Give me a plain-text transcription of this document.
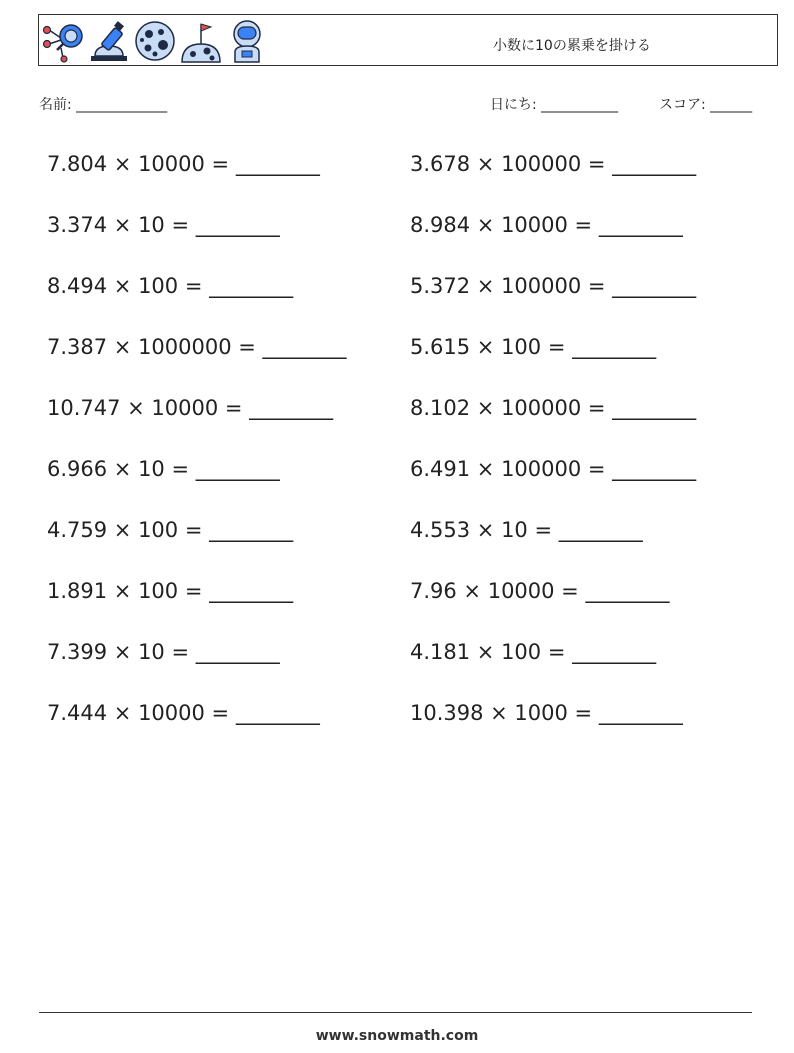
小数に10の累乗を掛ける
名前: _____________	日にち: ___________	スコア: ______
7.804 × 10000 = ________	3.678 × 100000 = ________
3.374 × 10 = ________	8.984 × 10000 = ________
8.494 × 100 = ________	5.372 × 100000 = ________
7.387 × 1000000 = ________	5.615 × 100 = ________
10.747 × 10000 = ________	8.102 × 100000 = ________
6.966 × 10 = ________	6.491 × 100000 = ________
4.759 × 100 = ________	4.553 × 10 = ________
1.891 × 100 = ________	7.96 × 10000 = ________
7.399 × 10 = ________	4.181 × 100 = ________
7.444 × 10000 = ________	10.398 × 1000 = ________
www.snowmath.com
